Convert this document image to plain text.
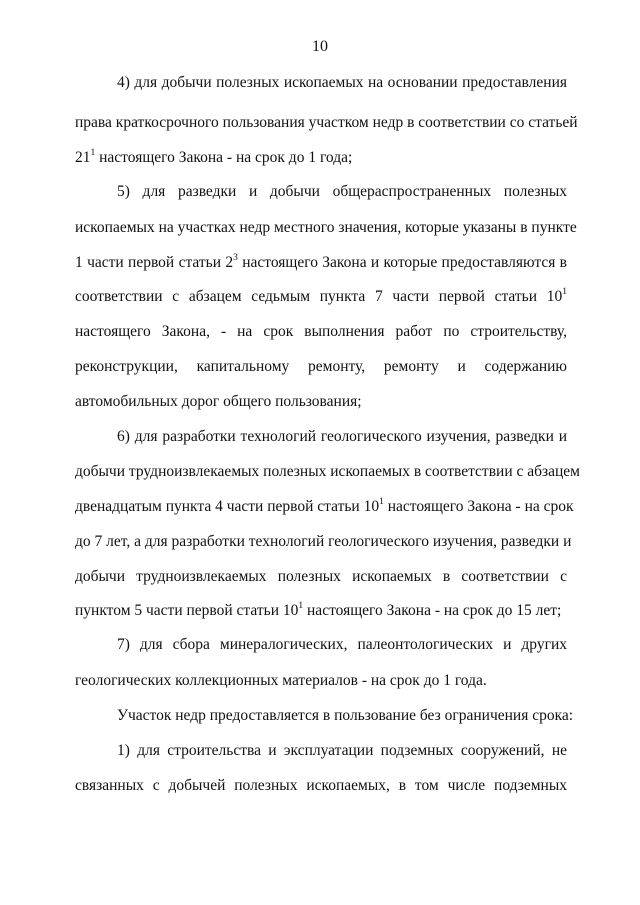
10
4) для добычи полезных ископаемых на основании предоставления
права краткосрочного пользования участком недр в соответствии со статьей
$21^1$ настоящего Закона - на срок до 1 года;
5) для разведки и добычи общераспространенных полезных
ископаемых на участках недр местного значения, которые указаны в пункте
1 части первой статьи $2^3$ настоящего Закона и которые предоставляются в
соответствии с абзацем седьмым пункта 7 части первой статьи $10^1$
настоящего Закона, - на срок выполнения работ по строительству,
реконструкции, капитальному ремонту, ремонту и содержанию
автомобильных дорог общего пользования;
6) для разработки технологий геологического изучения, разведки и
добычи трудноизвлекаемых полезных ископаемых в соответствии с абзацем
двенадцатым пункта 4 части первой статьи $10^1$ настоящего Закона - на срок
до 7 лет, а для разработки технологий геологического изучения, разведки и
добычи трудноизвлекаемых полезных ископаемых в соответствии с
пунктом 5 части первой статьи $10^1$ настоящего Закона - на срок до 15 лет;
7) для сбора минералогических, палеонтологических и других
геологических коллекционных материалов - на срок до 1 года.
Участок недр предоставляется в пользование без ограничения срока:
1) для строительства и эксплуатации подземных сооружений, не
связанных с добычей полезных ископаемых, в том числе подземных
